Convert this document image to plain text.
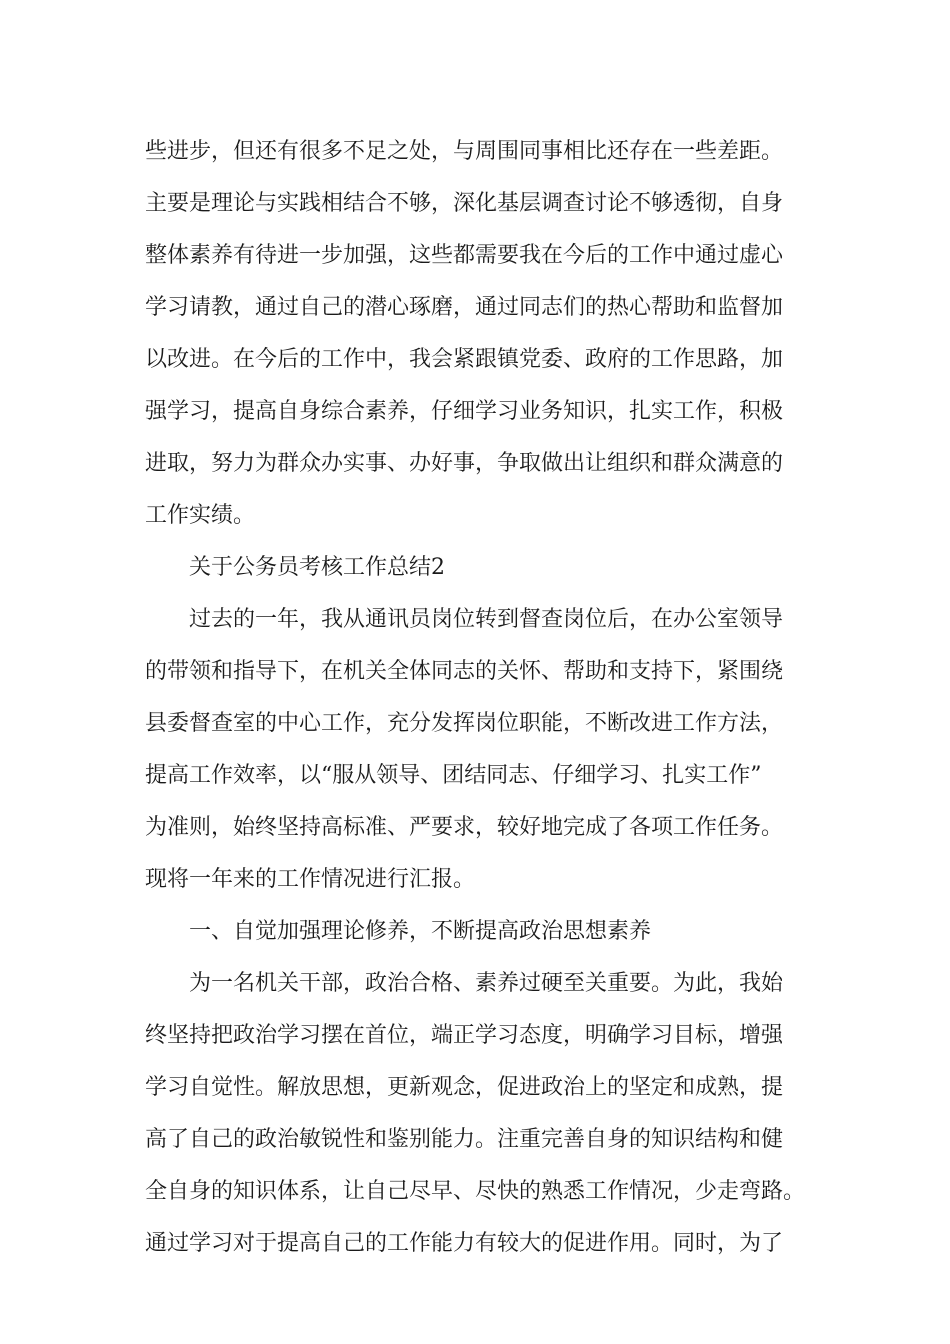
些进步，但还有很多不足之处，与周围同事相比还存在一些差距。
主要是理论与实践相结合不够，深化基层调查讨论不够透彻，自身
整体素养有待进一步加强，这些都需要我在今后的工作中通过虚心
学习请教，通过自己的潜心琢磨，通过同志们的热心帮助和监督加
以改进。在今后的工作中，我会紧跟镇党委、政府的工作思路，加
强学习，提高自身综合素养，仔细学习业务知识，扎实工作，积极
进取，努力为群众办实事、办好事，争取做出让组织和群众满意的
工作实绩。
关于公务员考核工作总结2
过去的一年，我从通讯员岗位转到督查岗位后，在办公室领导
的带领和指导下，在机关全体同志的关怀、帮助和支持下，紧围绕
县委督查室的中心工作，充分发挥岗位职能，不断改进工作方法，
提高工作效率，以“服从领导、团结同志、仔细学习、扎实工作”
为准则，始终坚持高标准、严要求，较好地完成了各项工作任务。
现将一年来的工作情况进行汇报。
一、自觉加强理论修养，不断提高政治思想素养
为一名机关干部，政治合格、素养过硬至关重要。为此，我始
终坚持把政治学习摆在首位，端正学习态度，明确学习目标，增强
学习自觉性。解放思想，更新观念，促进政治上的坚定和成熟，提
高了自己的政治敏锐性和鉴别能力。注重完善自身的知识结构和健
全自身的知识体系，让自己尽早、尽快的熟悉工作情况，少走弯路。
通过学习对于提高自己的工作能力有较大的促进作用。同时，为了
